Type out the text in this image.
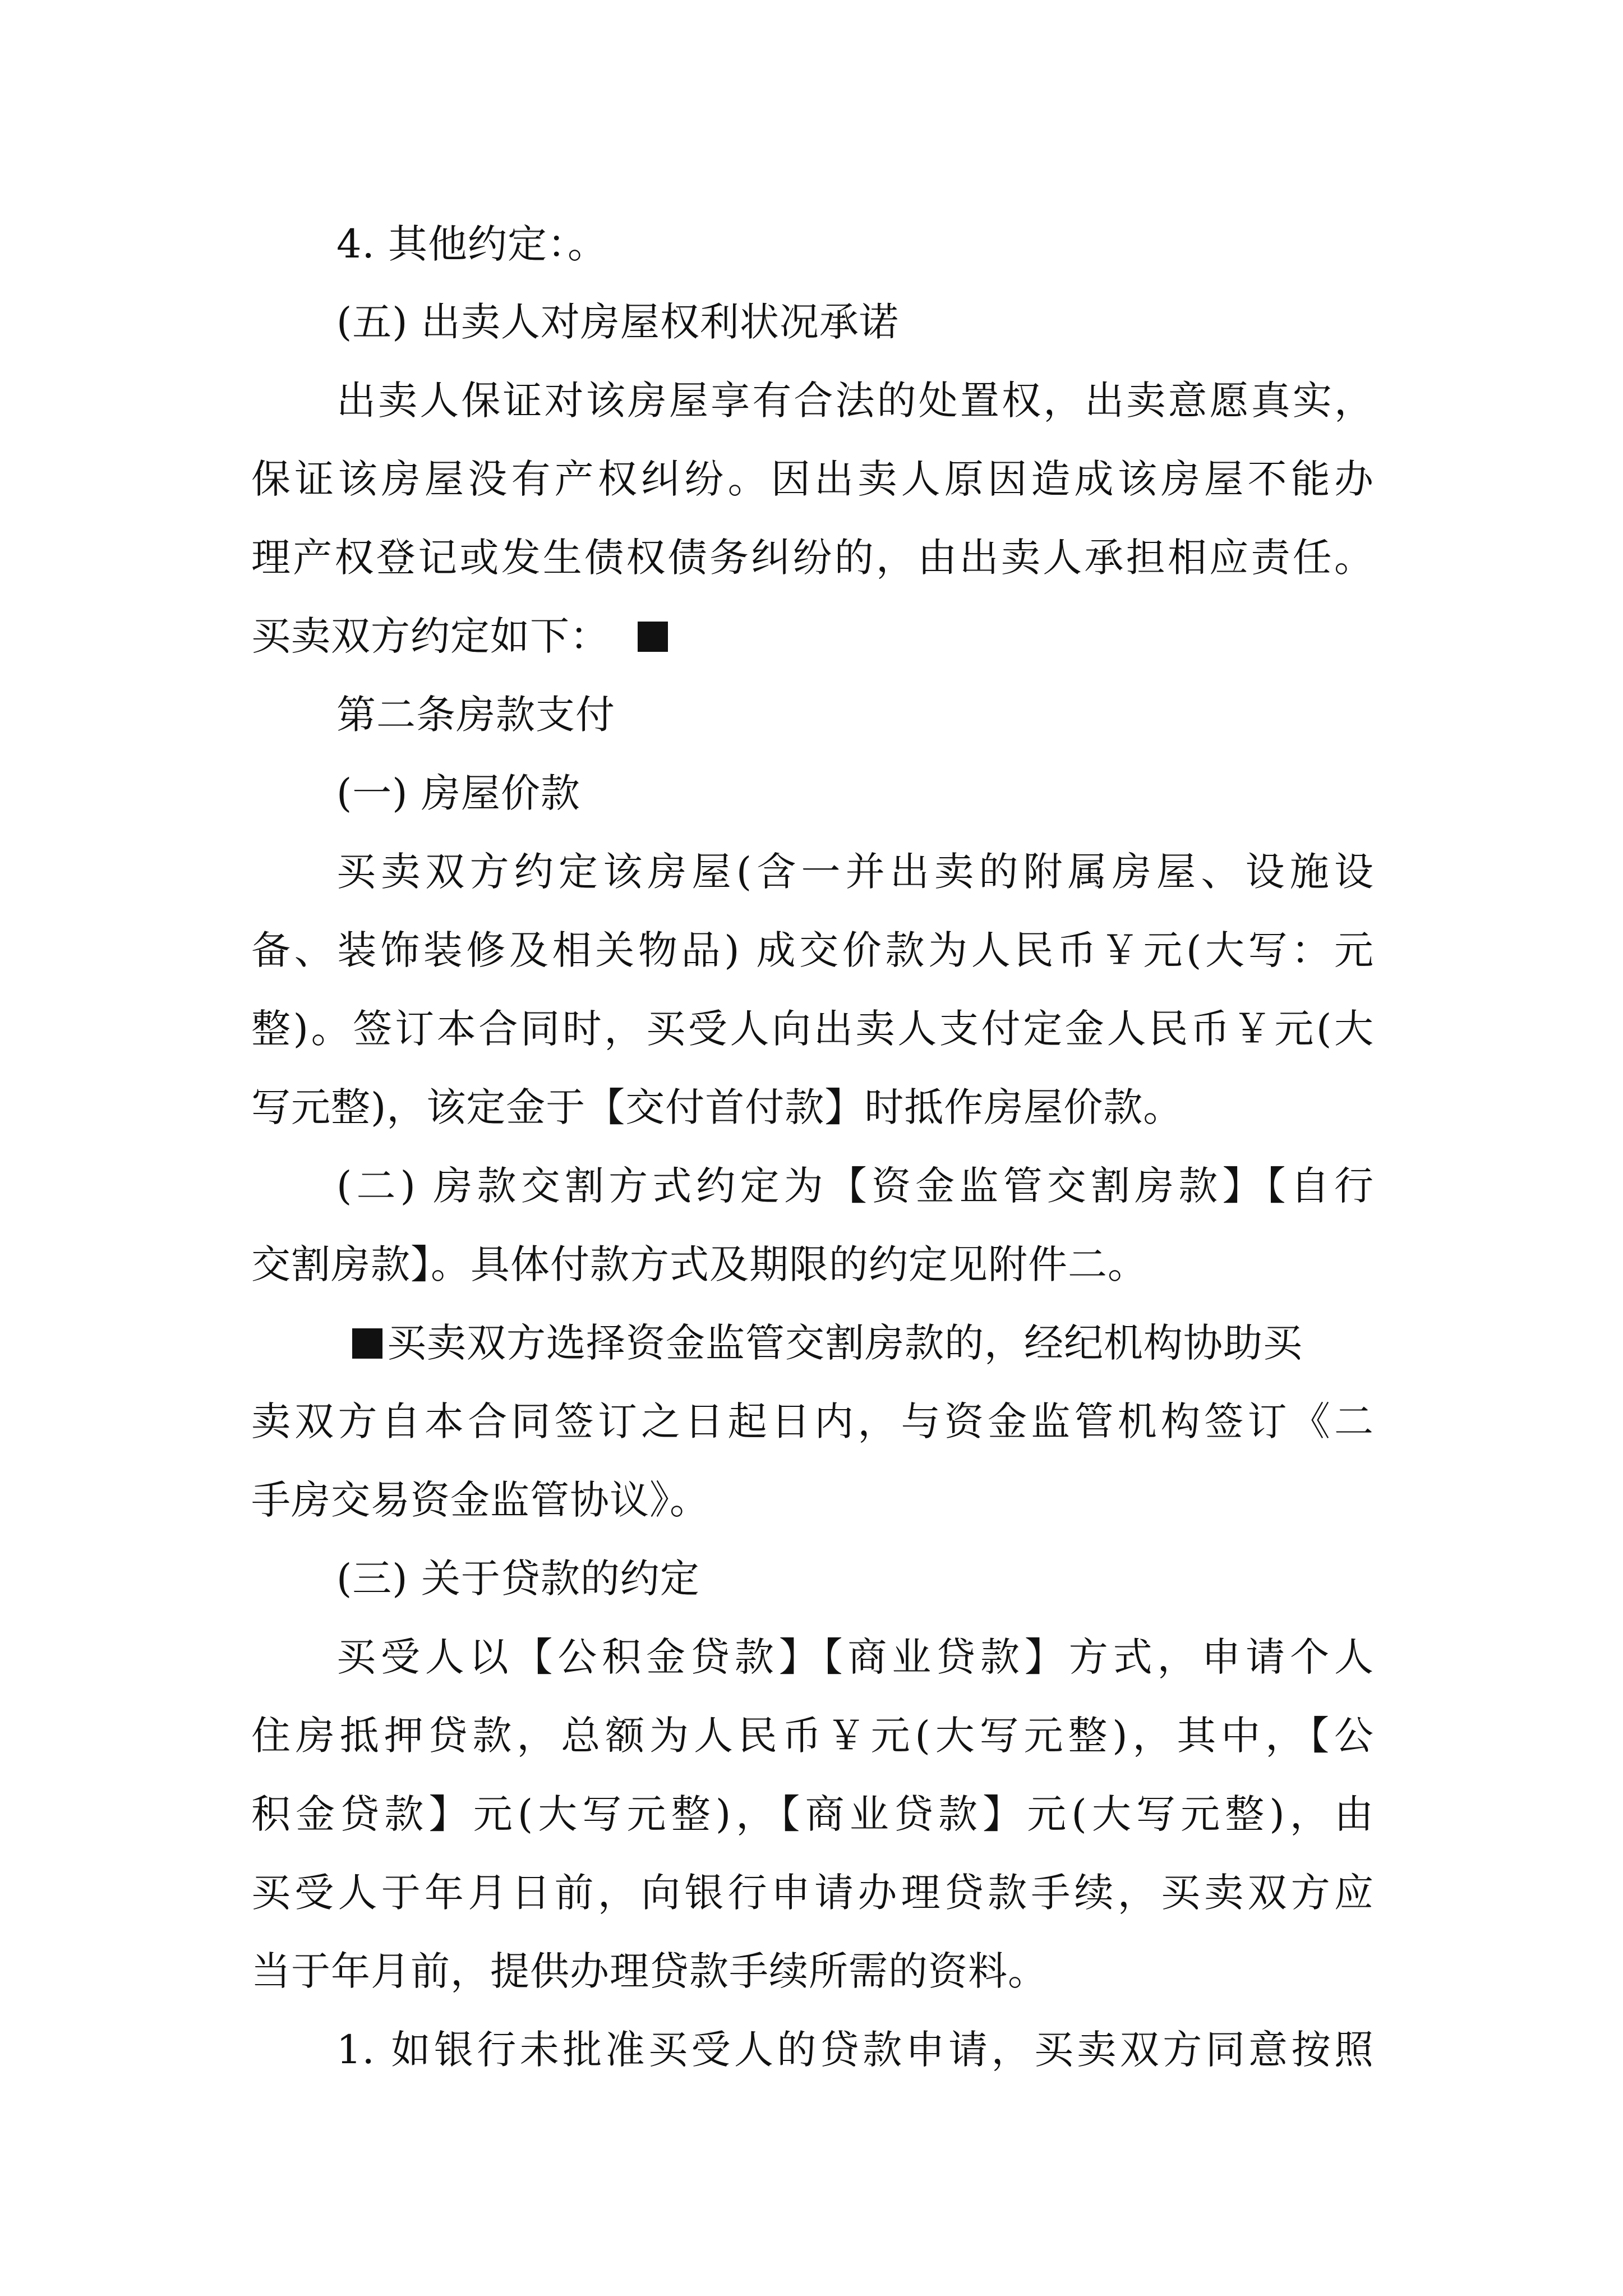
4. 其他约定：。
(五) 出卖人对房屋权利状况承诺
出卖人保证对该房屋享有合法的处置权，出卖意愿真实，
保证该房屋没有产权纠纷。因出卖人原因造成该房屋不能办
理产权登记或发生债权债务纠纷的，由出卖人承担相应责任。
买卖双方约定如下：
第二条房款支付
(一) 房屋价款
买卖双方约定该房屋(含一并出卖的附属房屋、设施设
备、装饰装修及相关物品) 成交价款为人民币￥元(大写：元
整)。签订本合同时，买受人向出卖人支付定金人民币￥元(大
写元整)，该定金于【交付首付款】时抵作房屋价款。
(二) 房款交割方式约定为【资金监管交割房款】【自行
交割房款】。具体付款方式及期限的约定见附件二。
买卖双方选择资金监管交割房款的，经纪机构协助买
卖双方自本合同签订之日起日内，与资金监管机构签订《二
手房交易资金监管协议》。
(三) 关于贷款的约定
买受人以【公积金贷款】【商业贷款】方式，申请个人
住房抵押贷款，总额为人民币￥元(大写元整)，其中，【公
积金贷款】元(大写元整)，【商业贷款】元(大写元整)，由
买受人于年月日前，向银行申请办理贷款手续，买卖双方应
当于年月前，提供办理贷款手续所需的资料。
1. 如银行未批准买受人的贷款申请，买卖双方同意按照
